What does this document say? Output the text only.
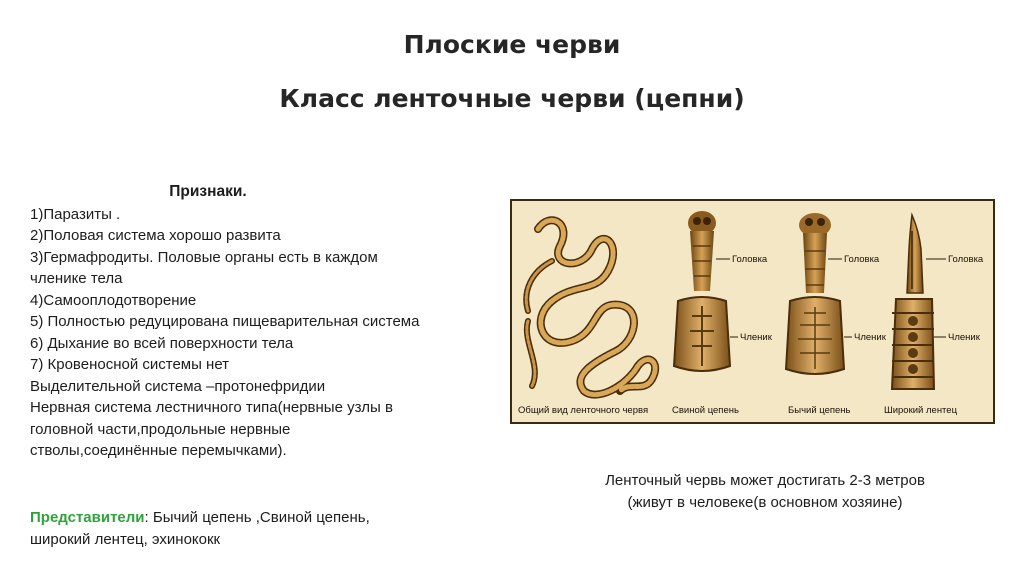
Плоские черви
Класс ленточные черви (цепни)
Признаки.
1)Паразиты .
2)Половая система хорошо развита
3)Гермафродиты. Половые органы есть в каждом
членике тела
4)Самооплодотворение
5) Полностью редуцирована пищеварительная система
6) Дыхание во всей поверхности тела
7) Кровеносной системы нет
Выделительной система –протонефридии
Нервная система лестничного типа(нервные узлы в
головной части,продольные нервные
стволы,соединённые перемычками).
Представители: Бычий цепень ,Свиной цепень,
широкий лентец, эхинококк
Головка	Головка	Головка
Членик	Членик	Членик
Общий вид ленточного червя	Свиной цепень	Бычий цепень	Широкий лентец
Ленточный червь может достигать 2-3 метров
(живут в человеке(в основном хозяине)
